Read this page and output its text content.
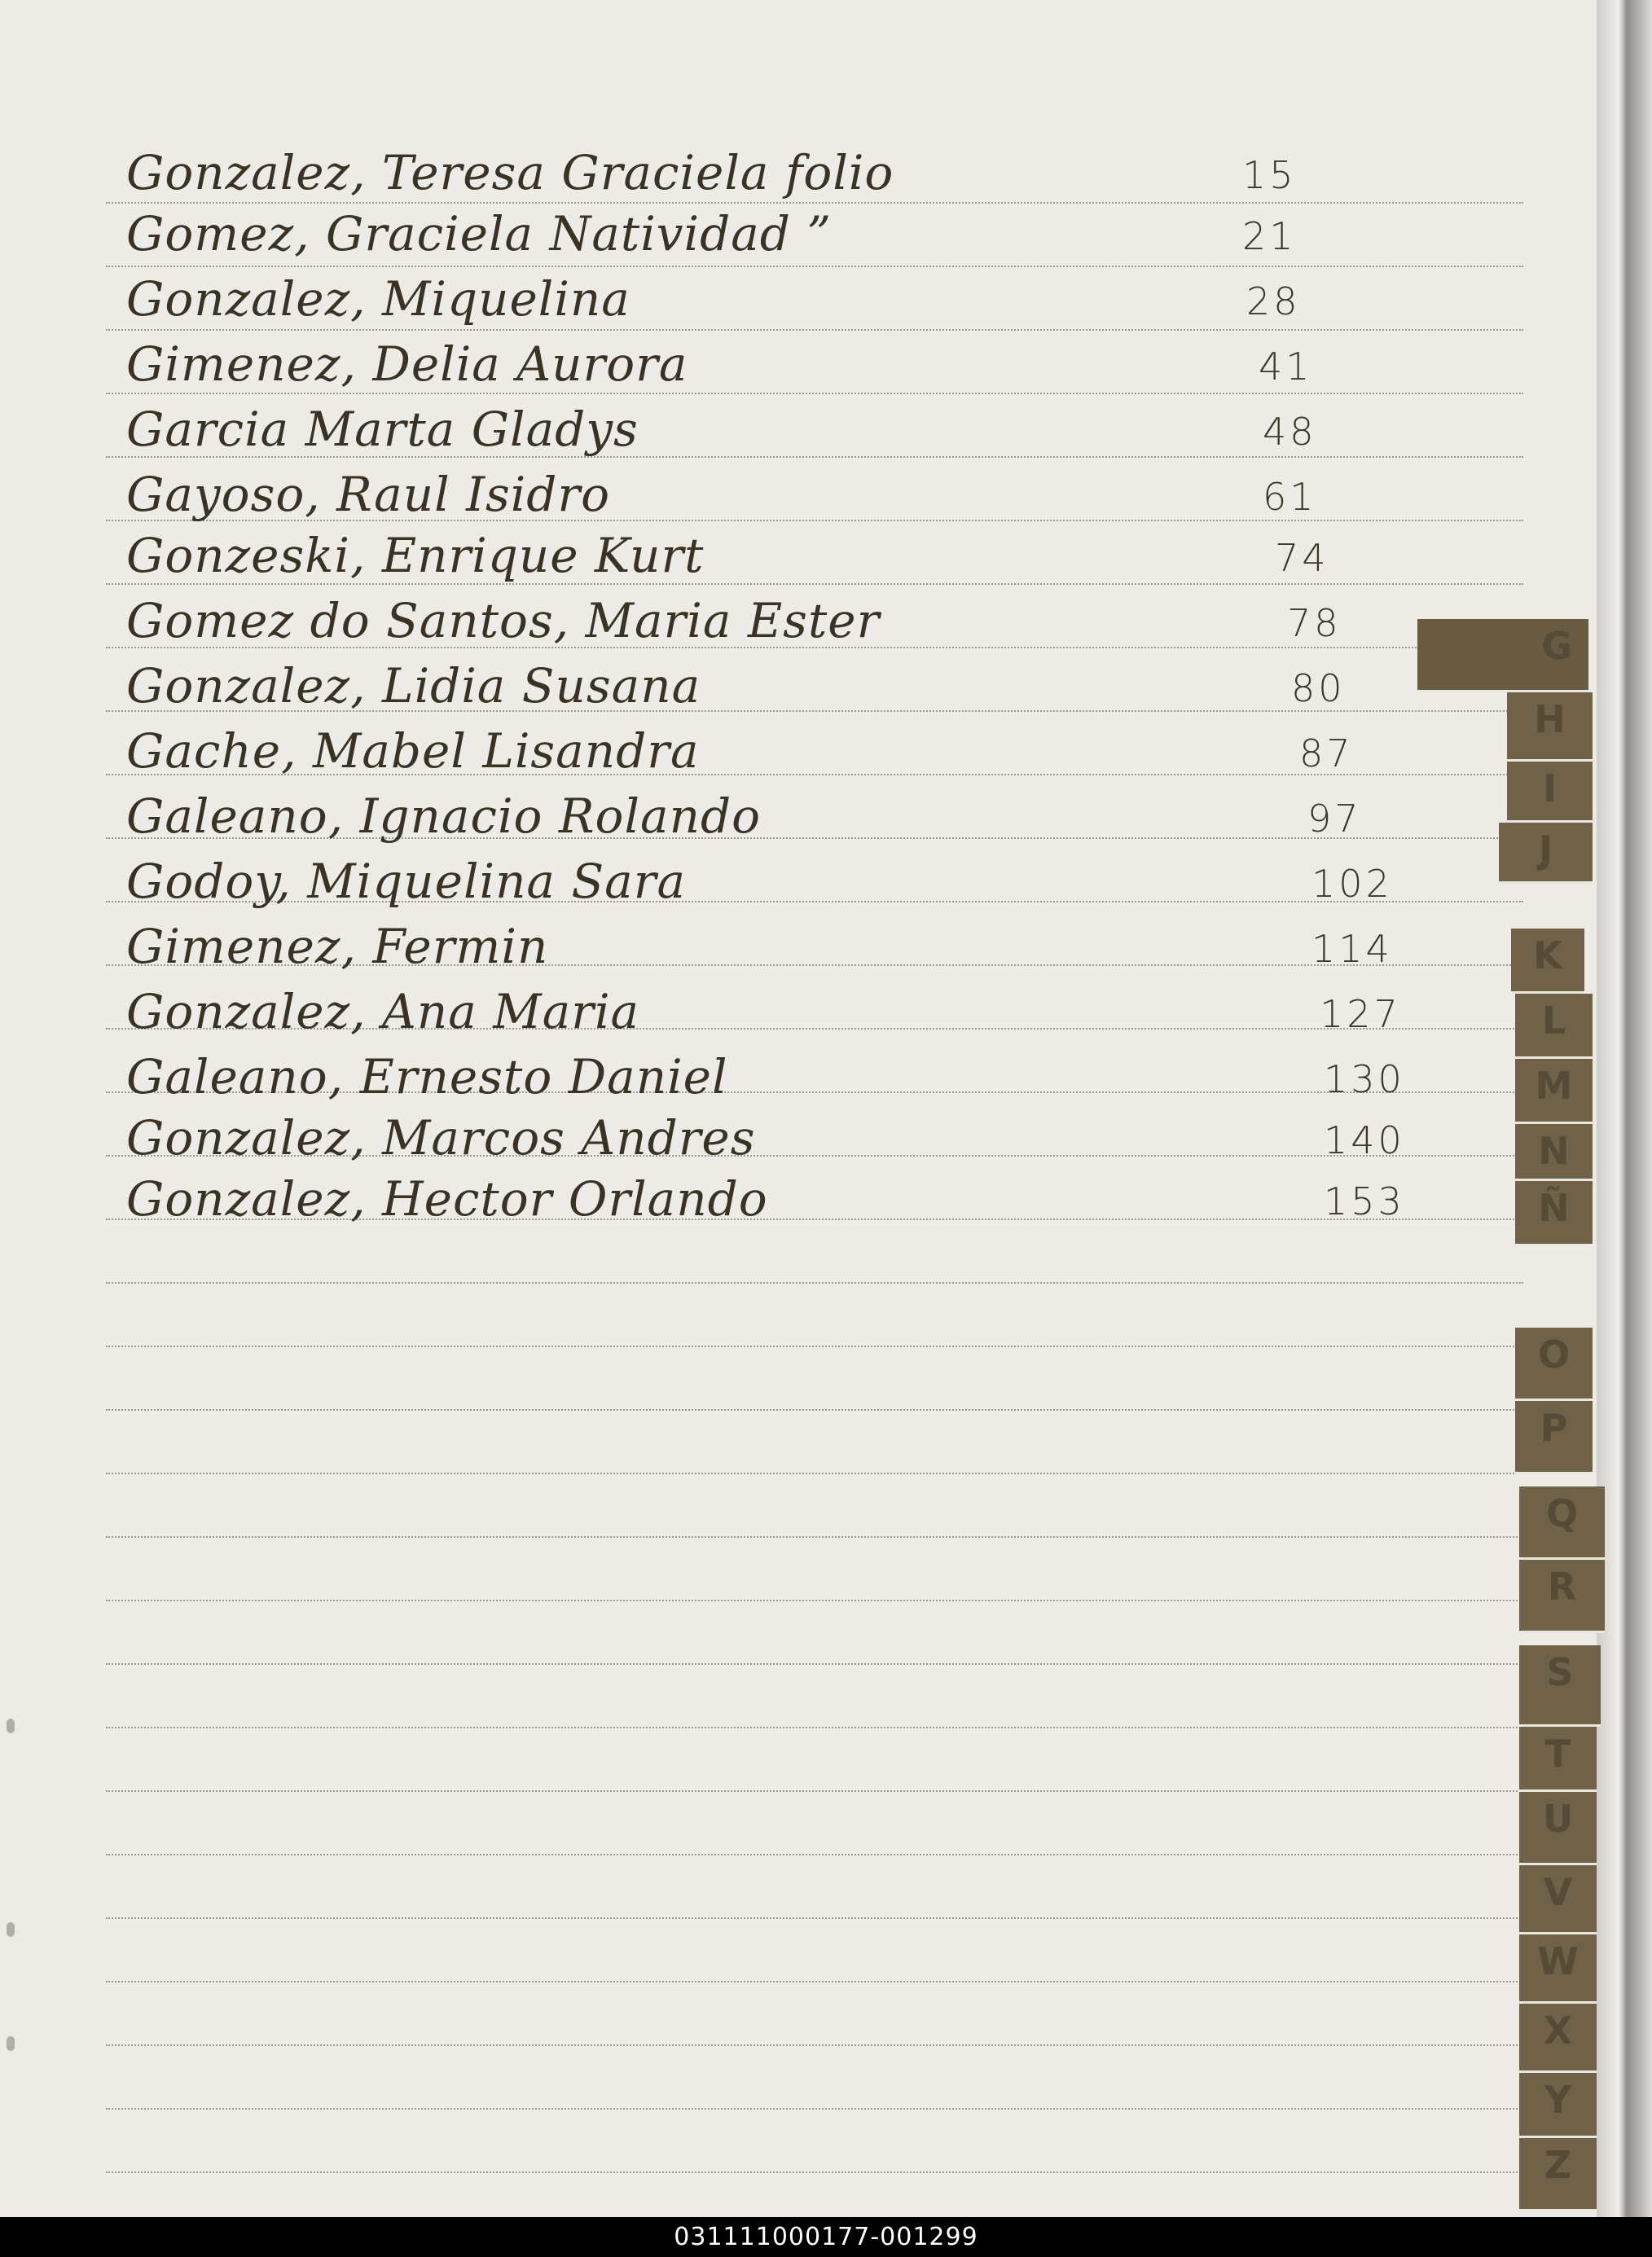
Gonzalez, Teresa Graciela folio	15
Gomez, Graciela Natividad ”	21
Gonzalez, Miquelina	28
Gimenez, Delia Aurora	41
Garcia Marta Gladys	48
Gayoso, Raul Isidro	61
Gonzeski, Enrique Kurt	74
Gomez do Santos, Maria Ester	78
Gonzalez, Lidia Susana	80
Gache, Mabel Lisandra	87
Galeano, Ignacio Rolando	97
Godoy, Miquelina Sara	102
Gimenez, Fermin	114
Gonzalez, Ana Maria	127
Galeano, Ernesto Daniel	130
Gonzalez, Marcos Andres	140
Gonzalez, Hector Orlando	153
G
H
I
J
K
L
M
N
Ñ
O
P
Q
R
S
T
U
V
W
X
Y
Z
031111000177-001299
